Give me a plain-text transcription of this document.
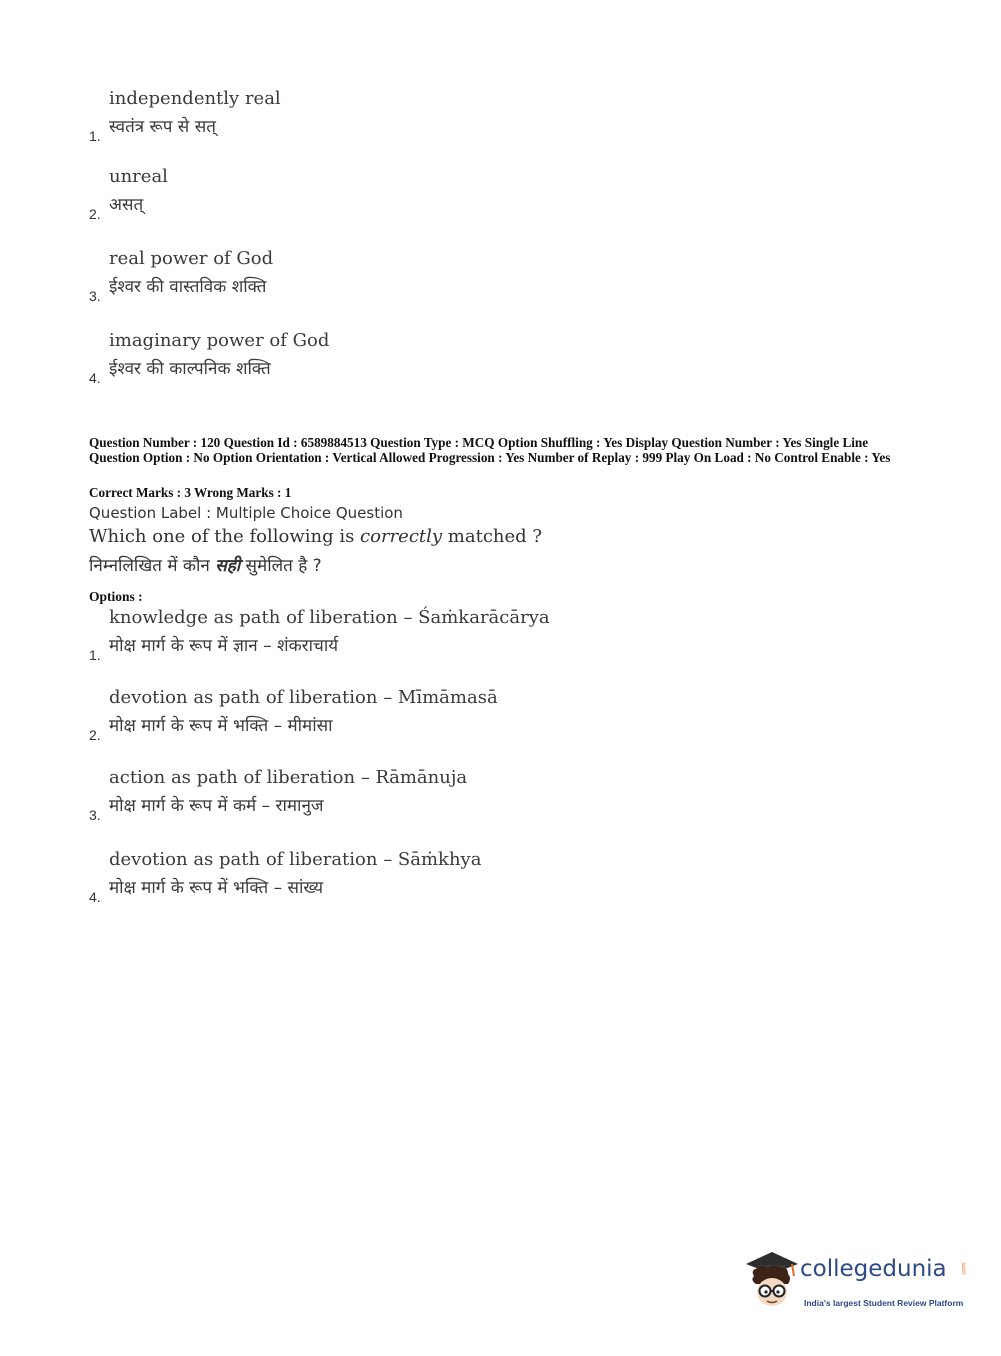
independently real
स्वतंत्र रूप से सत्
1.
unreal
असत्
2.
real power of God
ईश्वर की वास्तविक शक्ति
3.
imaginary power of God
ईश्वर की काल्पनिक शक्ति
4.
Question Number : 120 Question Id : 6589884513 Question Type : MCQ Option Shuffling : Yes Display Question Number : Yes Single Line Question Option : No Option Orientation : Vertical Allowed Progression : Yes Number of Replay : 999 Play On Load : No Control Enable : Yes
Correct Marks : 3 Wrong Marks : 1
Question Label : Multiple Choice Question
Which one of the following is correctly matched ?
निम्नलिखित में कौन सही सुमेलित है ?
Options :
knowledge as path of liberation – Śaṁkarācārya
मोक्ष मार्ग के रूप में ज्ञान – शंकराचार्य
1.
devotion as path of liberation – Mīmāmasā
मोक्ष मार्ग के रूप में भक्ति – मीमांसा
2.
action as path of liberation – Rāmānuja
मोक्ष मार्ग के रूप में कर्म – रामानुज
3.
devotion as path of liberation – Sāṁkhya
मोक्ष मार्ग के रूप में भक्ति – सांख्य
4.
collegedunia .com
India's largest Student Review Platform
